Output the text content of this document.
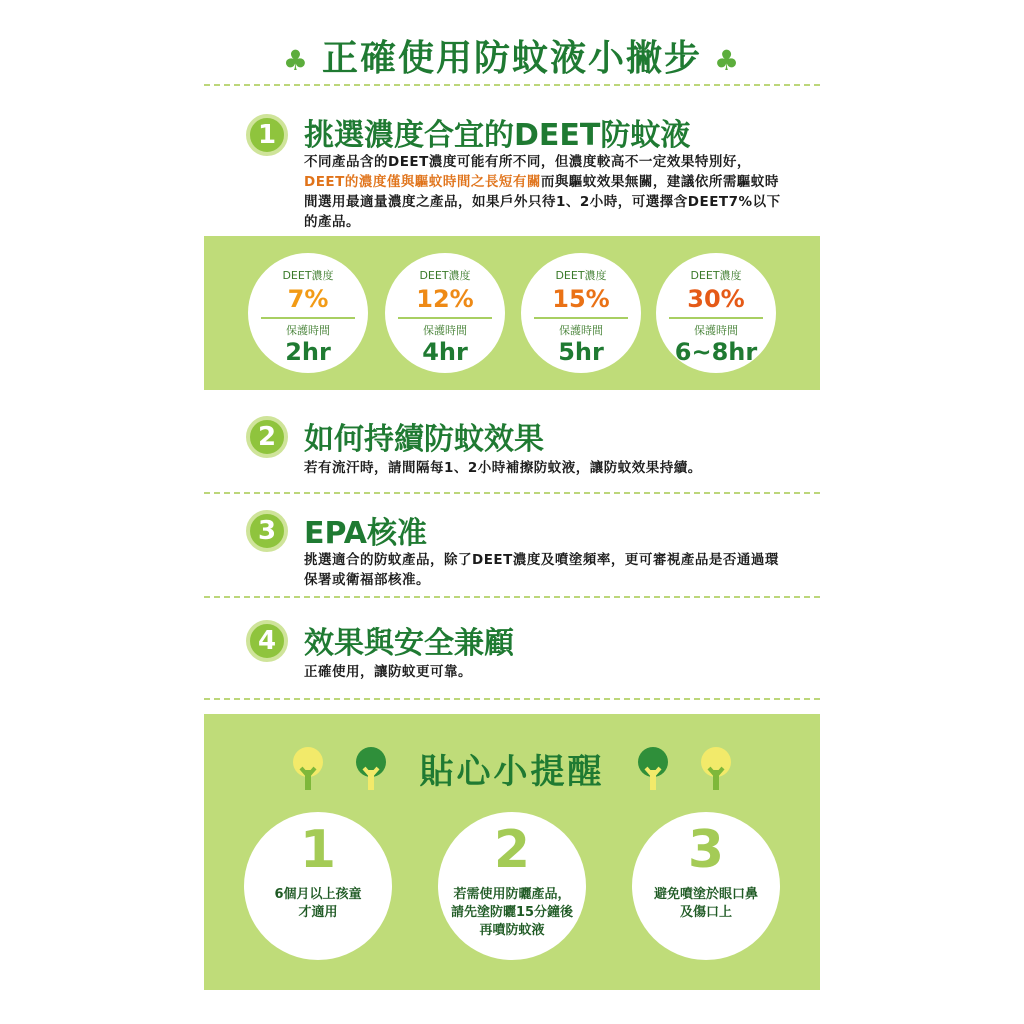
♣ 正確使用防蚊液小撇步 ♣
1 挑選濃度合宜的DEET防蚊液
不同產品含的DEET濃度可能有所不同，但濃度較高不一定效果特別好，DEET的濃度僅與驅蚊時間之長短有關而與驅蚊效果無關，建議依所需驅蚊時間選用最適量濃度之產品，如果戶外只待1、2小時，可選擇含DEET7%以下的產品。
DEET濃度
7%
保護時間
2hr
DEET濃度
12%
保護時間
4hr
DEET濃度
15%
保護時間
5hr
DEET濃度
30%
保護時間
6~8hr
2 如何持續防蚊效果
若有流汗時，請間隔每1、2小時補擦防蚊液，讓防蚊效果持續。
3 EPA核准
挑選適合的防蚊產品，除了DEET濃度及噴塗頻率，更可審視產品是否通過環保署或衛福部核准。
4 效果與安全兼顧
正確使用，讓防蚊更可靠。
貼心小提醒
1
6個月以上孩童
才適用
2
若需使用防曬產品，
請先塗防曬15分鐘後
再噴防蚊液
3
避免噴塗於眼口鼻
及傷口上
